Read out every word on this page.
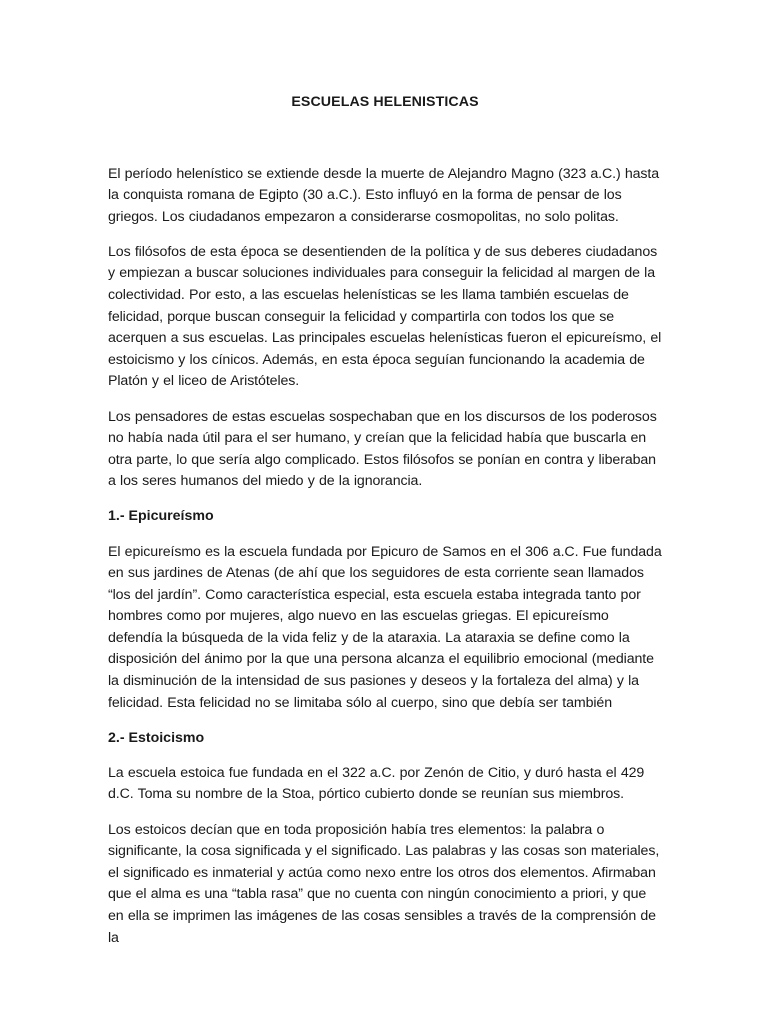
ESCUELAS HELENISTICAS

El período helenístico se extiende desde la muerte de Alejandro Magno (323 a.C.) hasta la conquista romana de Egipto (30 a.C.). Esto influyó en la forma de pensar de los griegos. Los ciudadanos empezaron a considerarse cosmopolitas, no solo politas.

Los filósofos de esta época se desentienden de la política y de sus deberes ciudadanos y empiezan a buscar soluciones individuales para conseguir la felicidad al margen de la colectividad. Por esto, a las escuelas helenísticas se les llama también escuelas de felicidad, porque buscan conseguir la felicidad y compartirla con todos los que se acerquen a sus escuelas. Las principales escuelas helenísticas fueron el epicureísmo, el estoicismo y los cínicos. Además, en esta época seguían funcionando la academia de Platón y el liceo de Aristóteles.

Los pensadores de estas escuelas sospechaban que en los discursos de los poderosos no había nada útil para el ser humano, y creían que la felicidad había que buscarla en otra parte, lo que sería algo complicado. Estos filósofos se ponían en contra y liberaban a los seres humanos del miedo y de la ignorancia.

1.- Epicureísmo

El epicureísmo es la escuela fundada por Epicuro de Samos en el 306 a.C. Fue fundada en sus jardines de Atenas (de ahí que los seguidores de esta corriente sean llamados “los del jardín”. Como característica especial, esta escuela estaba integrada tanto por hombres como por mujeres, algo nuevo en las escuelas griegas. El epicureísmo defendía la búsqueda de la vida feliz y de la ataraxia. La ataraxia se define como la disposición del ánimo por la que una persona alcanza el equilibrio emocional (mediante la disminución de la intensidad de sus pasiones y deseos y la fortaleza del alma) y la felicidad. Esta felicidad no se limitaba sólo al cuerpo, sino que debía ser también

2.- Estoicismo

La escuela estoica fue fundada en el 322 a.C. por Zenón de Citio, y duró hasta el 429 d.C. Toma su nombre de la Stoa, pórtico cubierto donde se reunían sus miembros.

Los estoicos decían que en toda proposición había tres elementos: la palabra o significante, la cosa significada y el significado. Las palabras y las cosas son materiales, el significado es inmaterial y actúa como nexo entre los otros dos elementos. Afirmaban que el alma es una “tabla rasa” que no cuenta con ningún conocimiento a priori, y que en ella se imprimen las imágenes de las cosas sensibles a través de la comprensión de la
